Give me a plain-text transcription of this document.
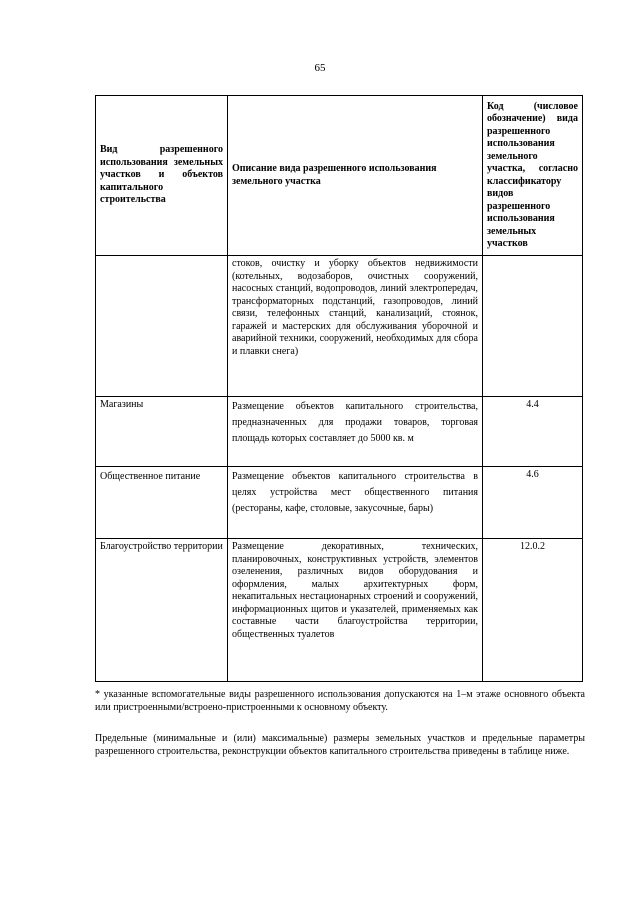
65
Вид разрешенного использования земельных участков и объектов капитального строительства	Описание вида разрешенного использования земельного участка	Код (числовое обозначение) вида разрешенного использования земельного участка, согласно классификатору видов разрешенного использования земельных участков
	стоков, очистку и уборку объектов недвижимости (котельных, водозаборов, очистных сооружений, насосных станций, водопроводов, линий электропередач, трансформаторных подстанций, газопроводов, линий связи, телефонных станций, канализаций, стоянок, гаражей и мастерских для обслуживания уборочной и аварийной техники, сооружений, необходимых для сбора и плавки снега)	
Магазины	Размещение объектов капитального строительства, предназначенных для продажи товаров, торговая площадь которых составляет до 5000 кв. м	4.4
Общественное питание	Размещение объектов капитального строительства в целях устройства мест общественного питания (рестораны, кафе, столовые, закусочные, бары)	4.6
Благоустройство территории	Размещение декоративных, технических, планировочных, конструктивных устройств, элементов озеленения, различных видов оборудования и оформления, малых архитектурных форм, некапитальных нестационарных строений и сооружений, информационных щитов и указателей, применяемых как составные части благоустройства территории, общественных туалетов	12.0.2
* указанные вспомогательные виды разрешенного использования допускаются на 1–м этаже основного объекта или пристроенными/встроено-пристроенными к основному объекту.
Предельные (минимальные и (или) максимальные) размеры земельных участков и предельные параметры разрешенного строительства, реконструкции объектов капитального строительства приведены в таблице ниже.
